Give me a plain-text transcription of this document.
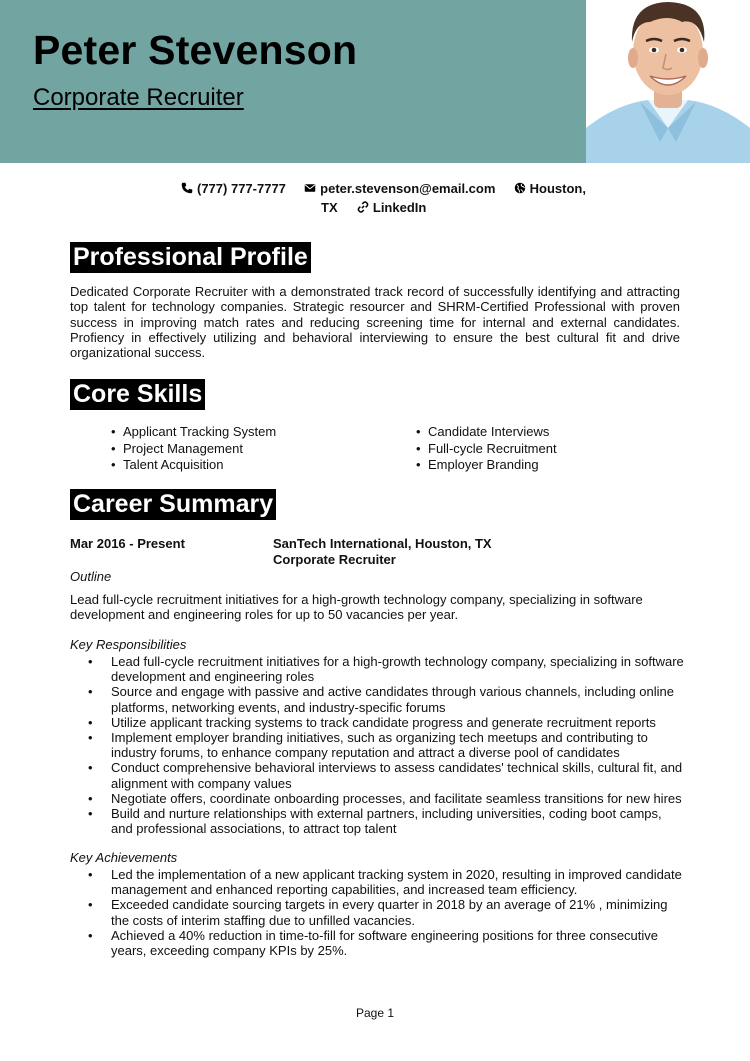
Peter Stevenson
Corporate Recruiter
(777) 777-7777	peter.stevenson@email.com	Houston,
TX	LinkedIn
Professional Profile
Dedicated Corporate Recruiter with a demonstrated track record of successfully identifying and attracting top talent for technology companies. Strategic resourcer and SHRM-Certified Professional with proven success in improving match rates and reducing screening time for internal and external candidates. Profiency in effectively utilizing and behavioral interviewing to ensure the best cultural fit and drive organizational success.
Core Skills
• Applicant Tracking System
• Project Management
• Talent Acquisition
• Candidate Interviews
• Full-cycle Recruitment
• Employer Branding
Career Summary
Mar 2016 - Present	SanTech International, Houston, TX
Corporate Recruiter
Outline
Lead full-cycle recruitment initiatives for a high-growth technology company, specializing in software development and engineering roles for up to 50 vacancies per year.
Key Responsibilities
• Lead full-cycle recruitment initiatives for a high-growth technology company, specializing in software development and engineering roles
• Source and engage with passive and active candidates through various channels, including online platforms, networking events, and industry-specific forums
• Utilize applicant tracking systems to track candidate progress and generate recruitment reports
• Implement employer branding initiatives, such as organizing tech meetups and contributing to industry forums, to enhance company reputation and attract a diverse pool of candidates
• Conduct comprehensive behavioral interviews to assess candidates' technical skills, cultural fit, and alignment with company values
• Negotiate offers, coordinate onboarding processes, and facilitate seamless transitions for new hires
• Build and nurture relationships with external partners, including universities, coding boot camps, and professional associations, to attract top talent
Key Achievements
• Led the implementation of a new applicant tracking system in 2020, resulting in improved candidate management and enhanced reporting capabilities, and increased team efficiency.
• Exceeded candidate sourcing targets in every quarter in 2018 by an average of 21% , minimizing the costs of interim staffing due to unfilled vacancies.
• Achieved a 40% reduction in time-to-fill for software engineering positions for three consecutive years, exceeding company KPIs by 25%.
Page 1
